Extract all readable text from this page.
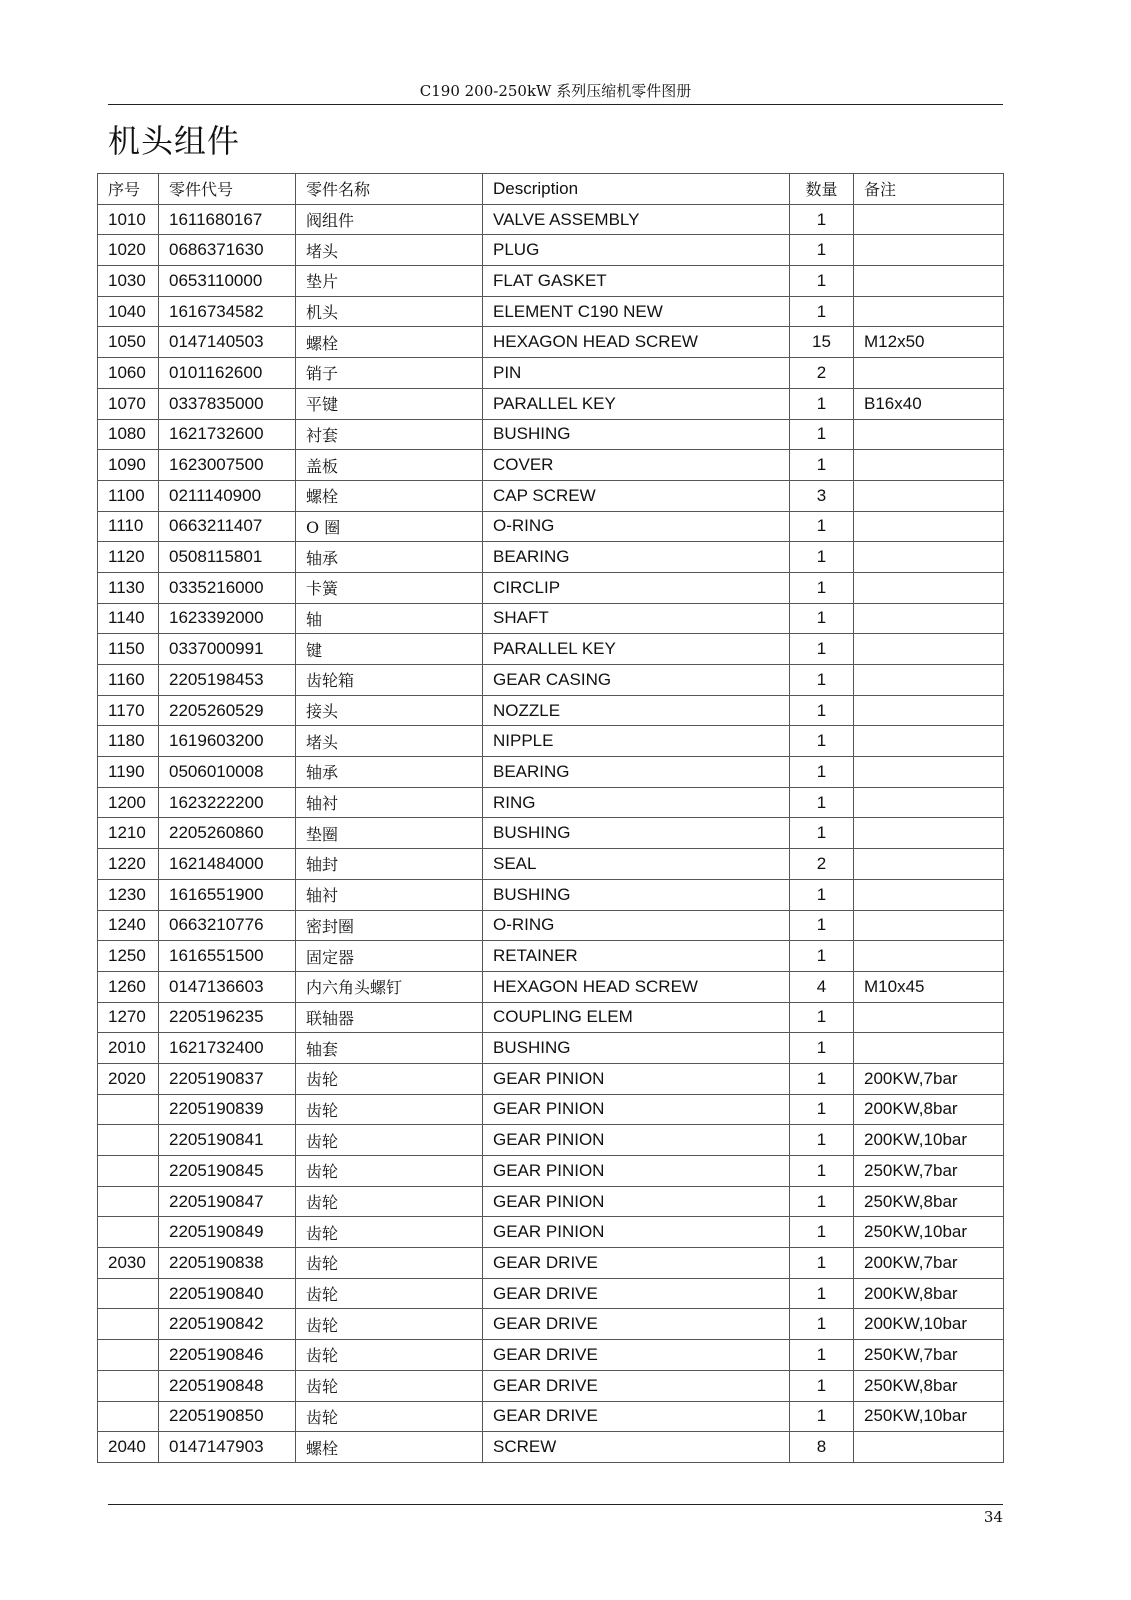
C190 200-250kW 系列压缩机零件图册
机头组件
序号	零件代号	零件名称	Description	数量	备注
1010	1611680167	阀组件	VALVE ASSEMBLY	1	
1020	0686371630	堵头	PLUG	1	
1030	0653110000	垫片	FLAT GASKET	1	
1040	1616734582	机头	ELEMENT C190 NEW	1	
1050	0147140503	螺栓	HEXAGON HEAD SCREW	15	M12x50
1060	0101162600	销子	PIN	2	
1070	0337835000	平键	PARALLEL KEY	1	B16x40
1080	1621732600	衬套	BUSHING	1	
1090	1623007500	盖板	COVER	1	
1100	0211140900	螺栓	CAP SCREW	3	
1110	0663211407	O 圈	O-RING	1	
1120	0508115801	轴承	BEARING	1	
1130	0335216000	卡簧	CIRCLIP	1	
1140	1623392000	轴	SHAFT	1	
1150	0337000991	键	PARALLEL KEY	1	
1160	2205198453	齿轮箱	GEAR CASING	1	
1170	2205260529	接头	NOZZLE	1	
1180	1619603200	堵头	NIPPLE	1	
1190	0506010008	轴承	BEARING	1	
1200	1623222200	轴衬	RING	1	
1210	2205260860	垫圈	BUSHING	1	
1220	1621484000	轴封	SEAL	2	
1230	1616551900	轴衬	BUSHING	1	
1240	0663210776	密封圈	O-RING	1	
1250	1616551500	固定器	RETAINER	1	
1260	0147136603	内六角头螺钉	HEXAGON HEAD SCREW	4	M10x45
1270	2205196235	联轴器	COUPLING ELEM	1	
2010	1621732400	轴套	BUSHING	1	
2020	2205190837	齿轮	GEAR PINION	1	200KW,7bar
	2205190839	齿轮	GEAR PINION	1	200KW,8bar
	2205190841	齿轮	GEAR PINION	1	200KW,10bar
	2205190845	齿轮	GEAR PINION	1	250KW,7bar
	2205190847	齿轮	GEAR PINION	1	250KW,8bar
	2205190849	齿轮	GEAR PINION	1	250KW,10bar
2030	2205190838	齿轮	GEAR DRIVE	1	200KW,7bar
	2205190840	齿轮	GEAR DRIVE	1	200KW,8bar
	2205190842	齿轮	GEAR DRIVE	1	200KW,10bar
	2205190846	齿轮	GEAR DRIVE	1	250KW,7bar
	2205190848	齿轮	GEAR DRIVE	1	250KW,8bar
	2205190850	齿轮	GEAR DRIVE	1	250KW,10bar
2040	0147147903	螺栓	SCREW	8	
34
